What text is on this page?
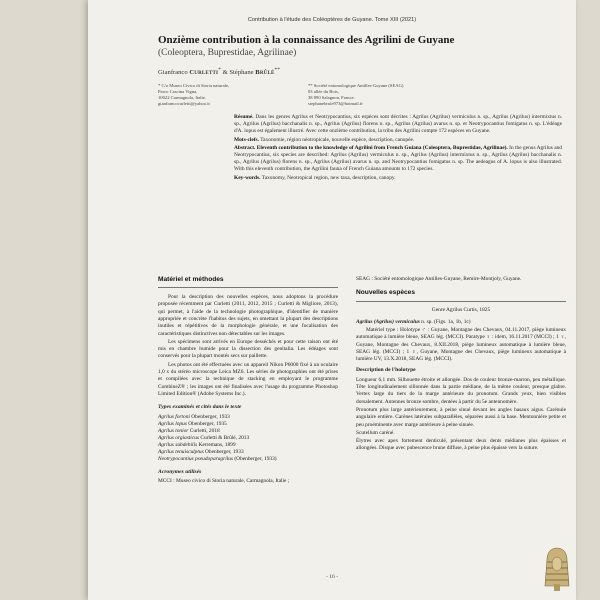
Contribution à l'étude des Coléoptères de Guyane. Tome XIII (2021)
Onzième contribution à la connaissance des Agrilini de Guyane
(Coleoptera, Buprestidae, Agrilinae)
Gianfranco Curletti* & Stéphane Brûlé**
* C/o Museo Civico di Storia naturale,
Parco Cascina Vigna,
10022 Carmagnola, Italie.
gianfrancocurletti@yahoo.it
** Société entomologique Antilles-Guyane (SEAG)
03 allée du Bois,
38 890 Salagnon, France.
stephanebrule973@hotmail.fr

Résumé. Dans les genres Agrilus et Neotrypocantius, six espèces sont décrites : Agrilus (Agrilus) vermiculus n. sp., Agrilus (Agrilus) intermixtus n. sp., Agrilus (Agrilus) bacchanalis n. sp., Agrilus (Agrilus) florens n. sp., Agrilus (Agrilus) avarus n. sp. et Neotrypocantius fomigatus n. sp. L'édéage d'A. lopus est également illustré. Avec cette onzième contribution, la tribu des Agrilini compte 172 espèces en Guyane.

Mots-clefs. Taxonomie, région néotropicale, nouvelle espèce, description, canopée.

Abstract. Eleventh contribution to the knowledge of Agrilini from French Guiana (Coleoptera, Buprestidae, Agrilinae). In the genus Agrilus and Neotrypocantius, six species are described: Agrilus (Agrilus) vermiculus n. sp., Agrilus (Agrilus) intermixtus n. sp., Agrilus (Agrilus) bacchanalis n. sp., Agrilus (Agrilus) florens n. sp., Agrilus (Agrilus) avarus n. sp. and Neotrypocantius fomigatus n. sp. The aedeagus of A. lopus is also illustrated. With this eleventh contribution, the Agrilini fauna of French Guiana amounts to 172 species.

Key-words. Taxonomy, Neotropical region, new taxa, description, canopy.

Matériel et méthodes

Pour la description des nouvelles espèces, nous adoptons la procédure proposée récemment par Curletti (2011, 2012, 2015 ; Curletti & Migliore, 2013), qui permet, à l'aide de la technologie photographique, d'identifier de manière appropriée et concrète l'habitus des sujets, en omettant la plupart des descriptions inutiles et répétitives de la morphologie générale, et une focalisation des caractéristiques distinctives non détectables sur les images.

Les spécimens sont arrivés en Europe desséchés et pour cette raison ont été mis en chambre humide pour la dissection des genitalia. Les édéages sont conservés pour la plupart montés secs sur paillette.

Les photos ont été effectuées avec un appareil Nikon P6000 fixé à un oculaire 1,0 x du stéréo microscope Leica MZ6. Les séries de photographies ont été prises et compilées avec la technique de stacking en employant le programme CombineZ® ; les images ont été finalisées avec l'usage du programme Photoshop Limited Edition® (Adobe Systems Inc.).

Types examinés et cités dans le texte
Agrilus fortoni Obenberger, 1933
Agrilus lopus Obenberger, 1935
Agrilus tonior Curletti, 2018
Agrilus orgiasticus Curletti & Brûlé, 2013
Agrilus subdebilis Kerremans, 1899
Agrilus tenuisculptus Obenberger, 1933
Neotrypocantius pseudoparagrilus (Obenberger, 1933)
Acronymes utilisés

MCCI : Museo civico di Storia naturale, Carmagnola, Italie ;

SEAG : Société entomologique Antilles-Guyane, Remire-Montjoly, Guyane.

Nouvelles espèces

Genre Agrilus Curtis, 1825

Agrilus (Agrilus) vermiculus n. sp. (Figs. 1a, 1b, 1c)

Matériel type : Holotype ♂ : Guyane, Montagne des Chevaux, 04.11.2017, piège lumineux automatique à lumière bleue, SEAG lég. (MCCI). Paratype ♀ : idem, 16.11.2017 (MCCI) ; 1 ♀, Guyane, Montagne des Chevaux, 8.XII.2018, piège lumineux automatique à lumière bleue, SEAG lég. (MCCI) ; 1 ♀, Guyane, Montagne des Chevaux, piège lumineux automatique à lumière UV, 13.X.2018, SEAG lég. (MCCI).

Description de l'holotype

Longueur 6,1 mm. Silhouette étroite et allongée. Dos de couleur bronze-marron, peu métallique. Tête longitudinalement sillonnée dans la partie médiane, de la même couleur, presque glabre. Vertex large du tiers de la marge antérieure du pronotum. Grands yeux, bien visibles dorsalement. Antennes bronze sombre, dentées à partir du 5e antennomère.

Pronotum plus large antérieurement, à peine sinué devant les angles basaux aigus. Carénule angulaire entière. Carènes latérales subparallèles, séparées aussi à la base. Mentonnière petite et peu proéminente avec marge antérieure à peine sinuée.

Scutellum caréné.

Élytres avec apex fortement denticulé, présentant deux dents médianes plus épaisses et allongées. Disque avec pubescence brune diffuse, à peine plus épaisse vers la suture.

- 16 -
